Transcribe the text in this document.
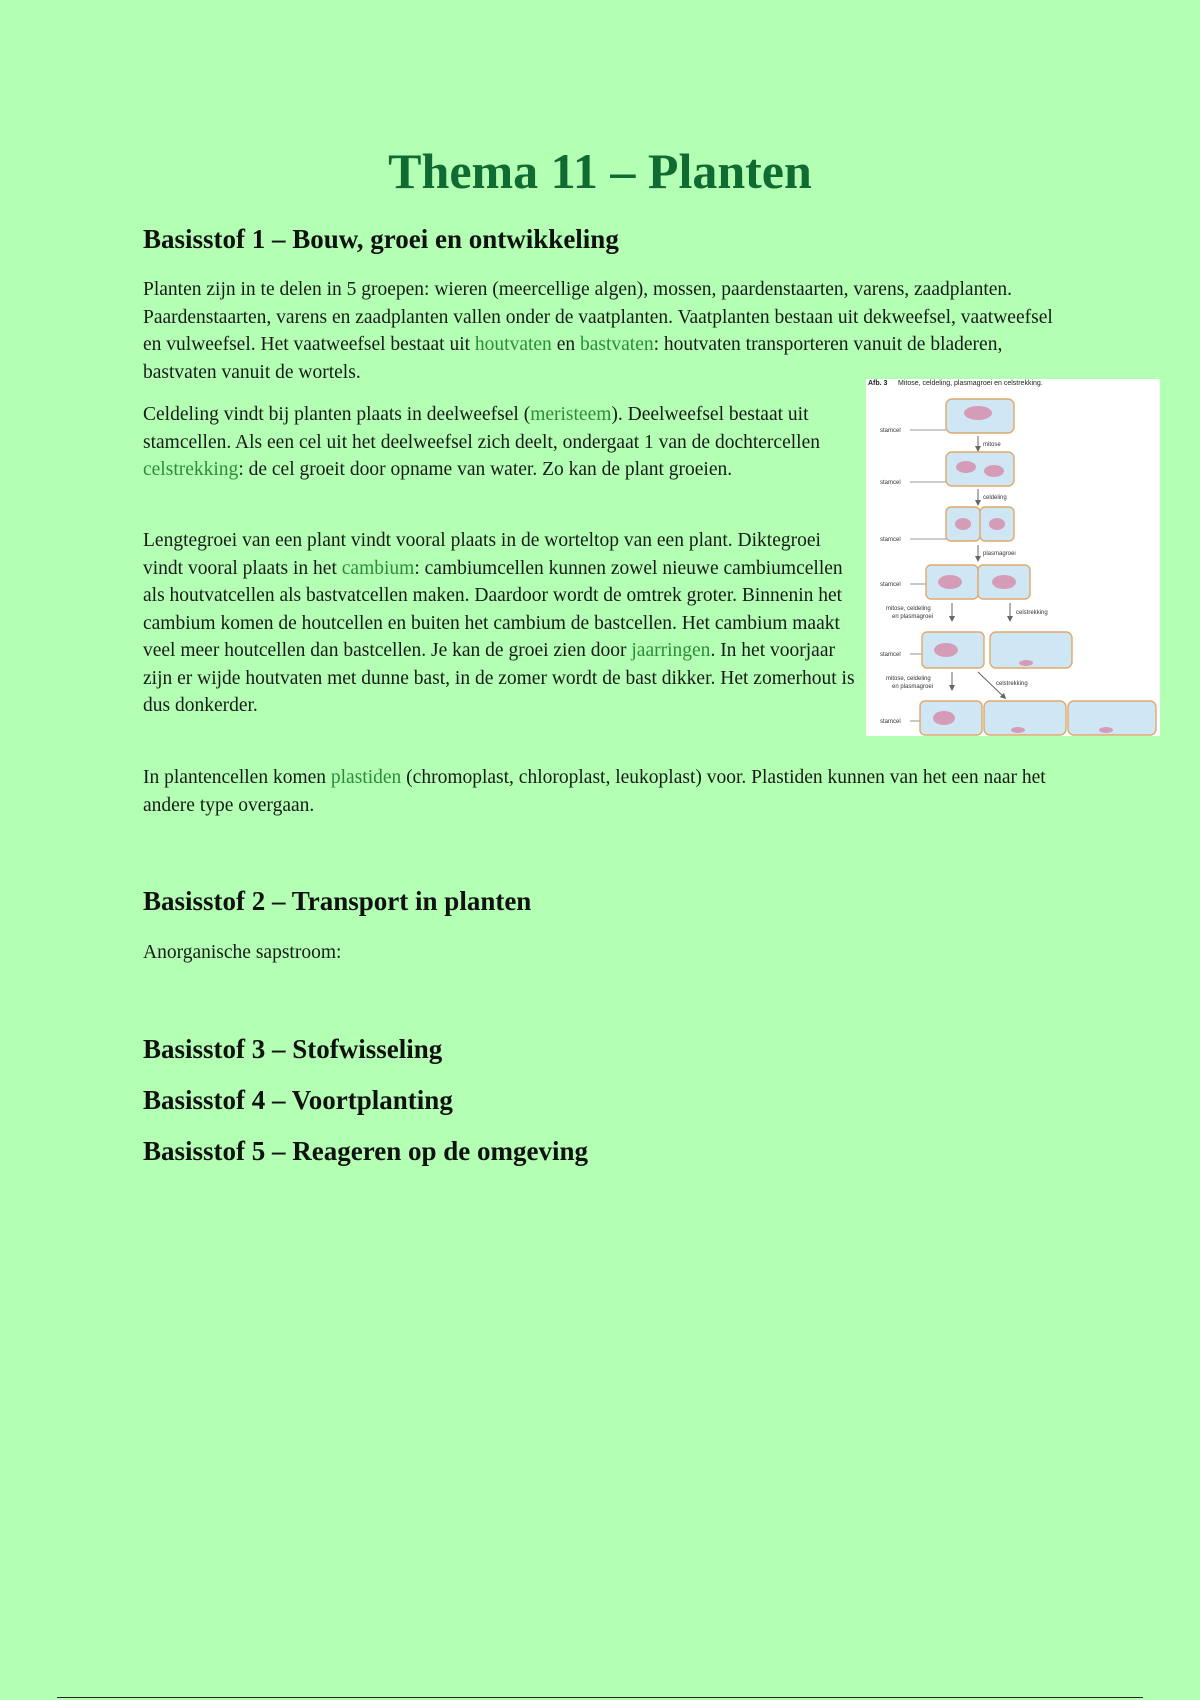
Thema 11 – Planten
Basisstof 1 – Bouw, groei en ontwikkeling

Planten zijn in te delen in 5 groepen: wieren (meercellige algen), mossen, paardenstaarten, varens, zaadplanten. Paardenstaarten, varens en zaadplanten vallen onder de vaatplanten. Vaatplanten bestaan uit dekweefsel, vaatweefsel en vulweefsel. Het vaatweefsel bestaat uit houtvaten en bastvaten: houtvaten transporteren vanuit de bladeren, bastvaten vanuit de wortels.

Celdeling vindt bij planten plaats in deelweefsel (meristeem). Deelweefsel bestaat uit stamcellen. Als een cel uit het deelweefsel zich deelt, ondergaat 1 van de dochtercellen celstrekking: de cel groeit door opname van water. Zo kan de plant groeien.

Lengtegroei van een plant vindt vooral plaats in de worteltop van een plant. Diktegroei vindt vooral plaats in het cambium: cambiumcellen kunnen zowel nieuwe cambiumcellen als houtvatcellen als bastvatcellen maken. Daardoor wordt de omtrek groter. Binnenin het cambium komen de houtcellen en buiten het cambium de bastcellen. Het cambium maakt veel meer houtcellen dan bastcellen. Je kan de groei zien door jaarringen. In het voorjaar zijn er wijde houtvaten met dunne bast, in de zomer wordt de bast dikker. Het zomerhout is dus donkerder.

In plantencellen komen plastiden (chromoplast, chloroplast, leukoplast) voor. Plastiden kunnen van het een naar het andere type overgaan.

Afb. 3 Mitose, celdeling, plasmagroei en celstrekking.
stamcel
mitose
stamcel
celdeling
stamcel
plasmagroei
stamcel
mitose, celdeling
en plasmagroei
celstrekking
stamcel
mitose, celdeling
en plasmagroei	celstrekking
stamcel
Basisstof 2 – Transport in planten

Anorganische sapstroom:

Basisstof 3 – Stofwisseling
Basisstof 4 – Voortplanting
Basisstof 5 – Reageren op de omgeving
